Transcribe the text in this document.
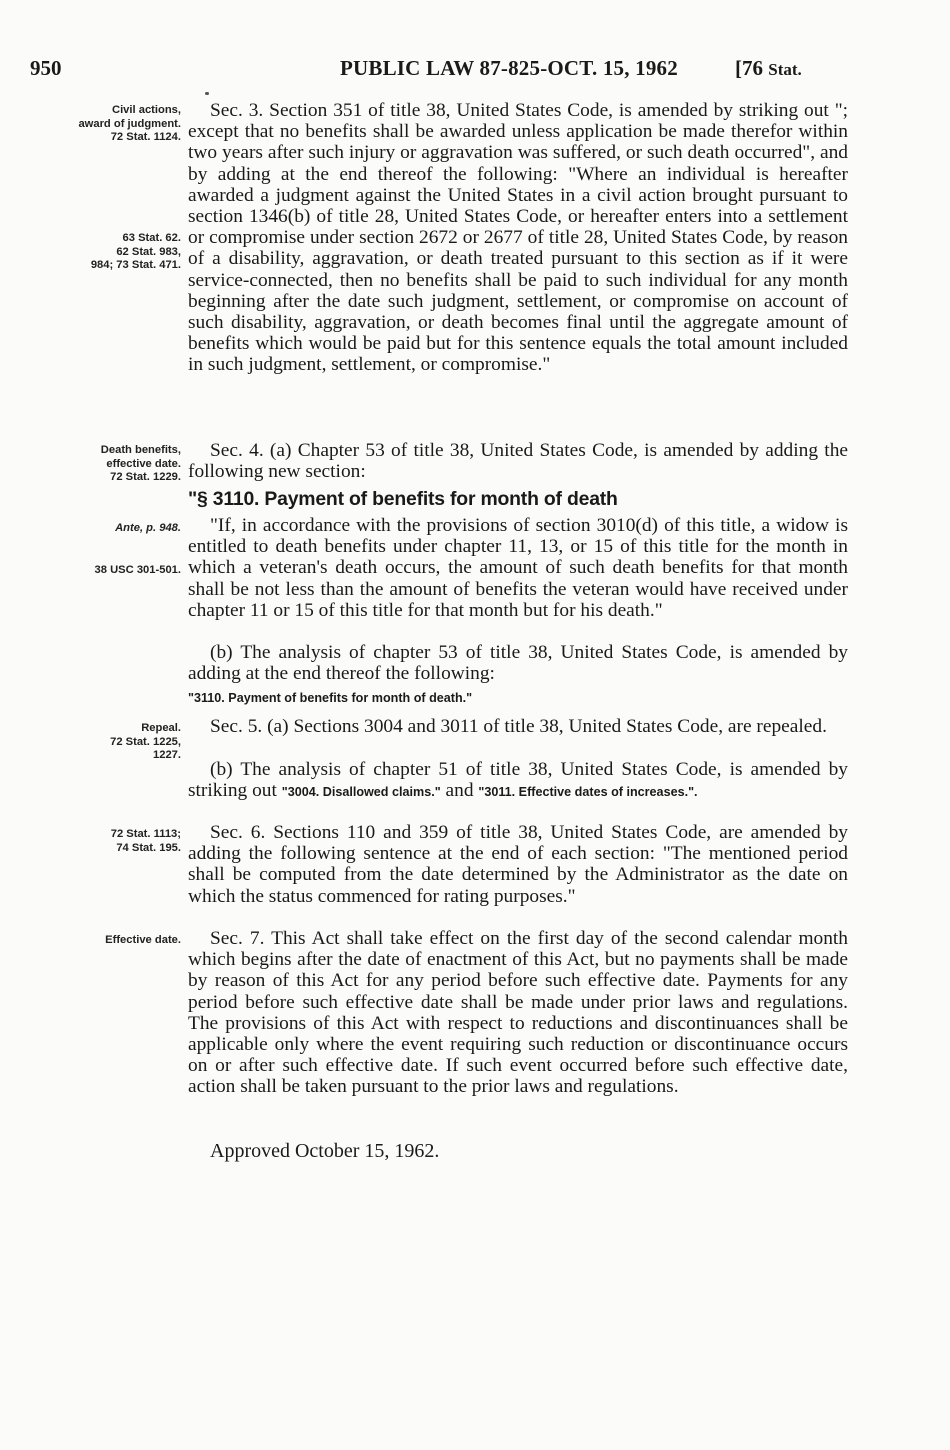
950	PUBLIC LAW 87-825-OCT. 15, 1962	[76 Stat.
Civil actions,
award of judgment.
72 Stat. 1124.
63 Stat. 62.
62 Stat. 983,
984; 73 Stat. 471.
Death benefits,
effective date.
72 Stat. 1229.
Ante, p. 948.
38 USC 301-501.
Repeal.
72 Stat. 1225,
1227.
72 Stat. 1113;
74 Stat. 195.
Effective date.

Sec. 3. Section 351 of title 38, United States Code, is amended by striking out "; except that no benefits shall be awarded unless application be made therefor within two years after such injury or aggravation was suffered, or such death occurred", and by adding at the end thereof the following: "Where an individual is hereafter awarded a judgment against the United States in a civil action brought pursuant to section 1346(b) of title 28, United States Code, or hereafter enters into a settlement or compromise under section 2672 or 2677 of title 28, United States Code, by reason of a disability, aggravation, or death treated pursuant to this section as if it were service-connected, then no benefits shall be paid to such individual for any month beginning after the date such judgment, settlement, or compromise on account of such disability, aggravation, or death becomes final until the aggregate amount of benefits which would be paid but for this sentence equals the total amount included in such judgment, settlement, or compromise."

Sec. 4. (a) Chapter 53 of title 38, United States Code, is amended by adding the following new section:

"§ 3110. Payment of benefits for month of death

"If, in accordance with the provisions of section 3010(d) of this title, a widow is entitled to death benefits under chapter 11, 13, or 15 of this title for the month in which a veteran's death occurs, the amount of such death benefits for that month shall be not less than the amount of benefits the veteran would have received under chapter 11 or 15 of this title for that month but for his death."

(b) The analysis of chapter 53 of title 38, United States Code, is amended by adding at the end thereof the following:

"3110. Payment of benefits for month of death."

Sec. 5. (a) Sections 3004 and 3011 of title 38, United States Code, are repealed.

(b) The analysis of chapter 51 of title 38, United States Code, is amended by striking out "3004. Disallowed claims." and "3011. Effective dates of increases.".

Sec. 6. Sections 110 and 359 of title 38, United States Code, are amended by adding the following sentence at the end of each section: "The mentioned period shall be computed from the date determined by the Administrator as the date on which the status commenced for rating purposes."

Sec. 7. This Act shall take effect on the first day of the second calendar month which begins after the date of enactment of this Act, but no payments shall be made by reason of this Act for any period before such effective date. Payments for any period before such effective date shall be made under prior laws and regulations. The provisions of this Act with respect to reductions and discontinuances shall be applicable only where the event requiring such reduction or discontinuance occurs on or after such effective date. If such event occurred before such effective date, action shall be taken pursuant to the prior laws and regulations.

Approved October 15, 1962.
